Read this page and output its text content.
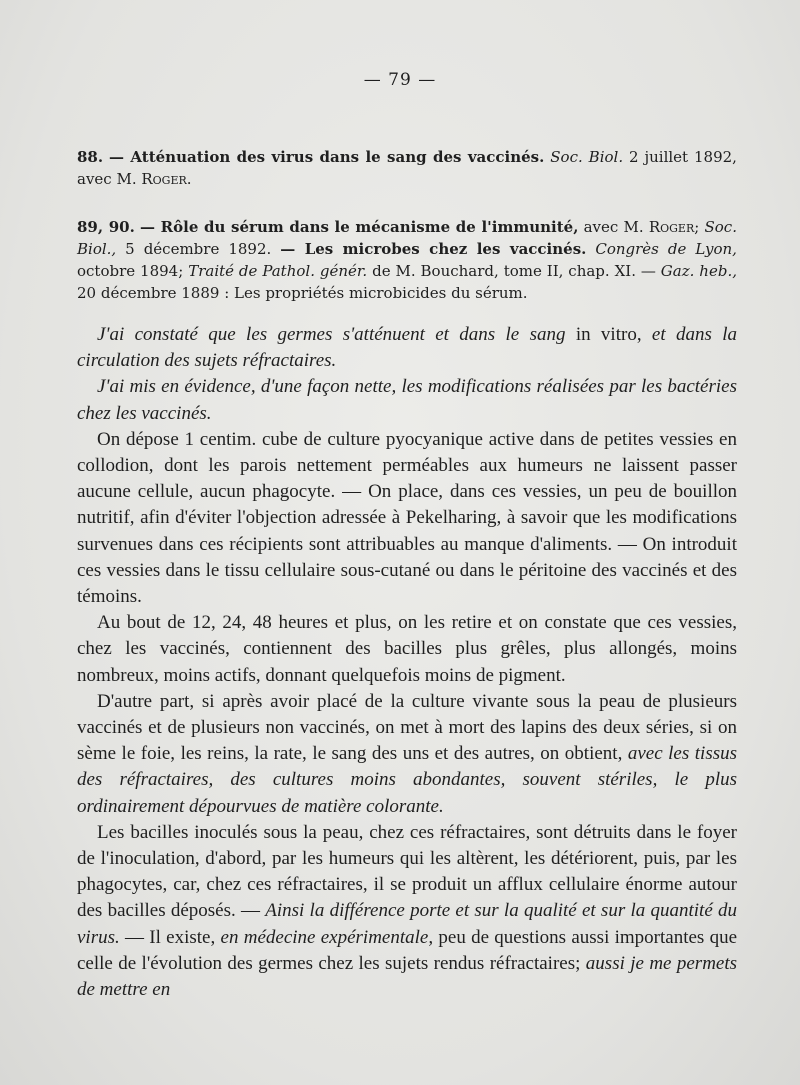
— 79 —

88. — Atténuation des virus dans le sang des vaccinés. Soc. Biol. 2 juillet 1892, avec M. Roger.

89, 90. — Rôle du sérum dans le mécanisme de l'immunité, avec M. Roger; Soc. Biol., 5 décembre 1892. — Les microbes chez les vaccinés. Congrès de Lyon, octobre 1894; Traité de Pathol. génér. de M. Bouchard, tome II, chap. XI. — Gaz. heb., 20 décembre 1889 : Les propriétés microbicides du sérum.

J'ai constaté que les germes s'atténuent et dans le sang in vitro, et dans la circulation des sujets réfractaires.

J'ai mis en évidence, d'une façon nette, les modifications réalisées par les bactéries chez les vaccinés.

On dépose 1 centim. cube de culture pyocyanique active dans de petites vessies en collodion, dont les parois nettement perméables aux humeurs ne laissent passer aucune cellule, aucun phagocyte. — On place, dans ces vessies, un peu de bouillon nutritif, afin d'éviter l'objection adressée à Pekelharing, à savoir que les modifications survenues dans ces récipients sont attribuables au manque d'aliments. — On introduit ces vessies dans le tissu cellulaire sous-cutané ou dans le péritoine des vaccinés et des témoins.

Au bout de 12, 24, 48 heures et plus, on les retire et on constate que ces vessies, chez les vaccinés, contiennent des bacilles plus grêles, plus allongés, moins nombreux, moins actifs, donnant quelquefois moins de pigment.

D'autre part, si après avoir placé de la culture vivante sous la peau de plusieurs vaccinés et de plusieurs non vaccinés, on met à mort des lapins des deux séries, si on sème le foie, les reins, la rate, le sang des uns et des autres, on obtient, avec les tissus des réfractaires, des cultures moins abondantes, souvent stériles, le plus ordinairement dépourvues de matière colorante.

Les bacilles inoculés sous la peau, chez ces réfractaires, sont détruits dans le foyer de l'inoculation, d'abord, par les humeurs qui les altèrent, les détériorent, puis, par les phagocytes, car, chez ces réfractaires, il se produit un afflux cellulaire énorme autour des bacilles déposés. — Ainsi la différence porte et sur la qualité et sur la quantité du virus. — Il existe, en médecine expérimentale, peu de questions aussi importantes que celle de l'évolution des germes chez les sujets rendus réfractaires; aussi je me permets de mettre en
